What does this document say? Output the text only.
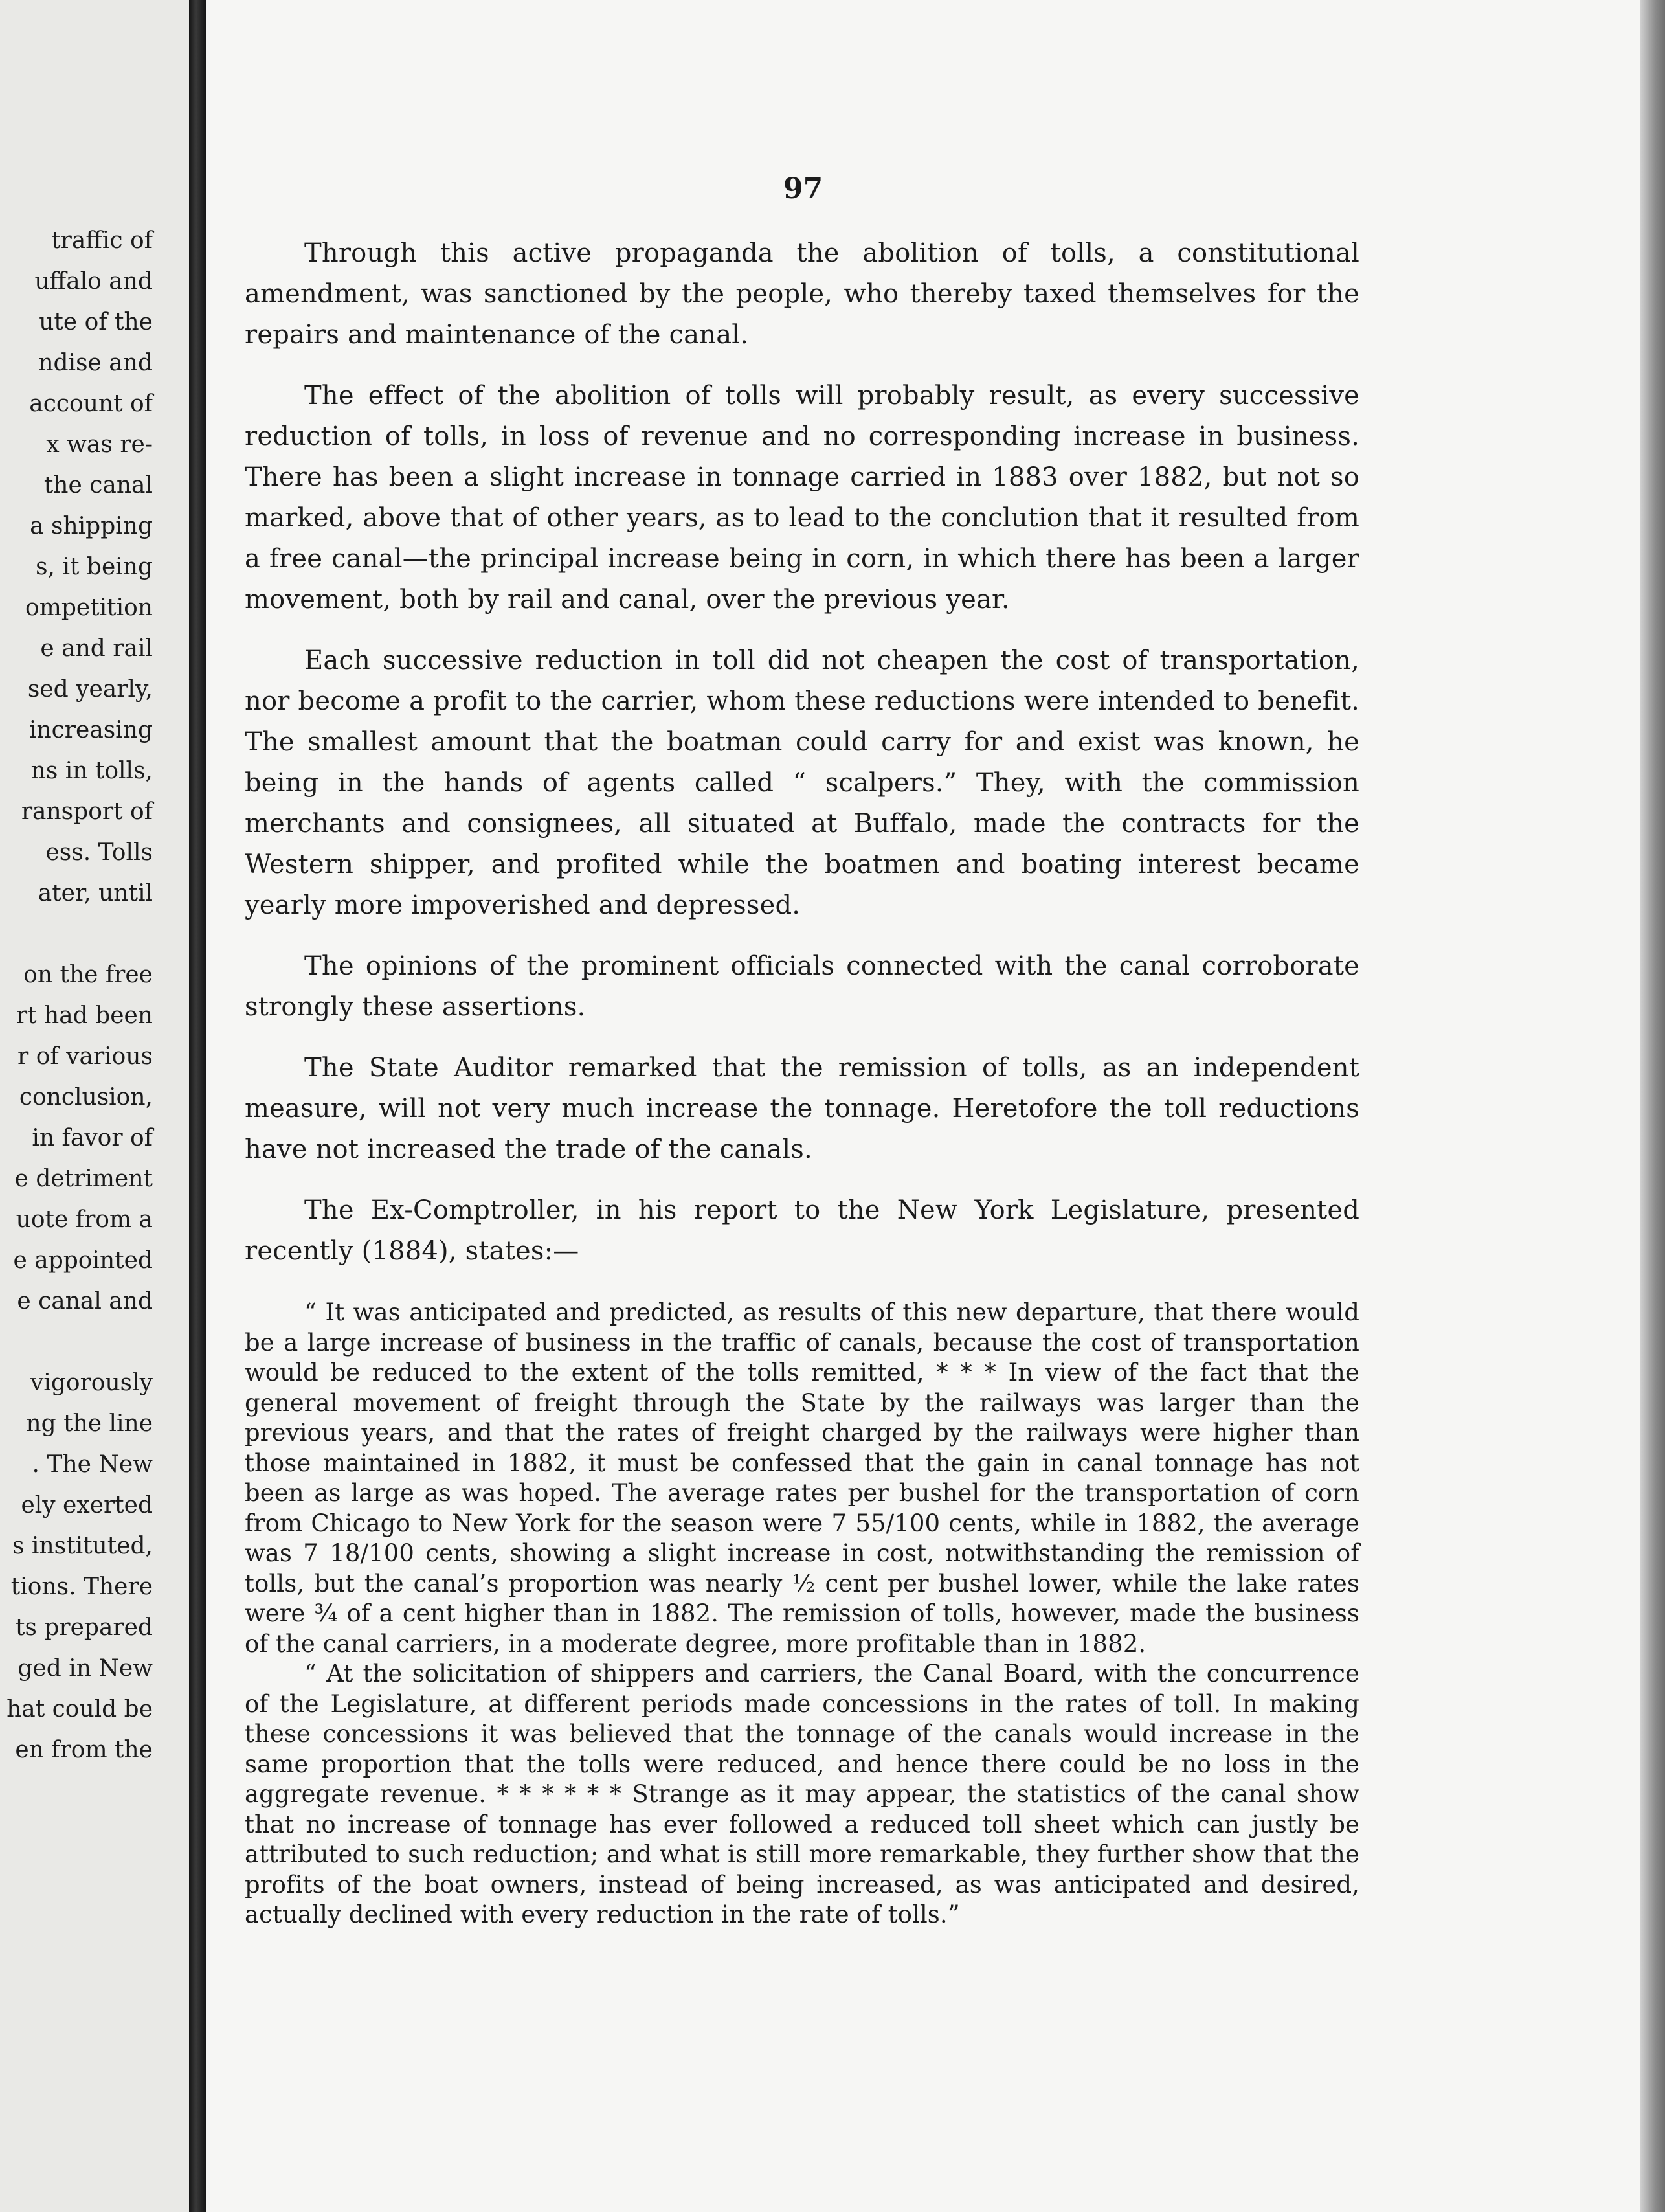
traffic of
uffalo and
ute of the
ndise and
account of
x was re-
the canal
a shipping
s, it being
ompetition
e and rail
sed yearly,
increasing
ns in tolls,
ransport of
ess. Tolls
ater, until
on the free
rt had been
r of various
conclusion,
in favor of
e detriment
uote from a
e appointed
e canal and
vigorously
ng the line
. The New
ely exerted
s instituted,
tions. There
ts prepared
ged in New
hat could be
en from the
97

Through this active propaganda the abolition of tolls, a constitutional amendment, was sanctioned by the people, who thereby taxed themselves for the repairs and maintenance of the canal.

The effect of the abolition of tolls will probably result, as every successive reduction of tolls, in loss of revenue and no corresponding increase in business. There has been a slight increase in tonnage carried in 1883 over 1882, but not so marked, above that of other years, as to lead to the conclution that it resulted from a free canal—the principal increase being in corn, in which there has been a larger movement, both by rail and canal, over the previous year.

Each successive reduction in toll did not cheapen the cost of transportation, nor become a profit to the carrier, whom these reductions were intended to benefit. The smallest amount that the boatman could carry for and exist was known, he being in the hands of agents called “ scalpers.” They, with the commission merchants and consignees, all situated at Buffalo, made the contracts for the Western shipper, and profited while the boatmen and boating interest became yearly more impoverished and depressed.

The opinions of the prominent officials connected with the canal corroborate strongly these assertions.

The State Auditor remarked that the remission of tolls, as an independent measure, will not very much increase the tonnage. Heretofore the toll reductions have not increased the trade of the canals.

The Ex-Comptroller, in his report to the New York Legislature, presented recently (1884), states:—

“ It was anticipated and predicted, as results of this new departure, that there would be a large increase of business in the traffic of canals, because the cost of transportation would be reduced to the extent of the tolls remitted, * * * In view of the fact that the general movement of freight through the State by the railways was larger than the previous years, and that the rates of freight charged by the railways were higher than those maintained in 1882, it must be confessed that the gain in canal tonnage has not been as large as was hoped. The average rates per bushel for the transportation of corn from Chicago to New York for the season were 7 55/100 cents, while in 1882, the average was 7 18/100 cents, showing a slight increase in cost, notwithstanding the remission of tolls, but the canal’s proportion was nearly ½ cent per bushel lower, while the lake rates were ¾ of a cent higher than in 1882. The remission of tolls, however, made the business of the canal carriers, in a moderate degree, more profitable than in 1882.

“ At the solicitation of shippers and carriers, the Canal Board, with the concurrence of the Legislature, at different periods made concessions in the rates of toll. In making these concessions it was believed that the tonnage of the canals would increase in the same proportion that the tolls were reduced, and hence there could be no loss in the aggregate revenue. * * * * * * Strange as it may appear, the statistics of the canal show that no increase of tonnage has ever followed a reduced toll sheet which can justly be attributed to such reduction; and what is still more remarkable, they further show that the profits of the boat owners, instead of being increased, as was anticipated and desired, actually declined with every reduction in the rate of tolls.”
